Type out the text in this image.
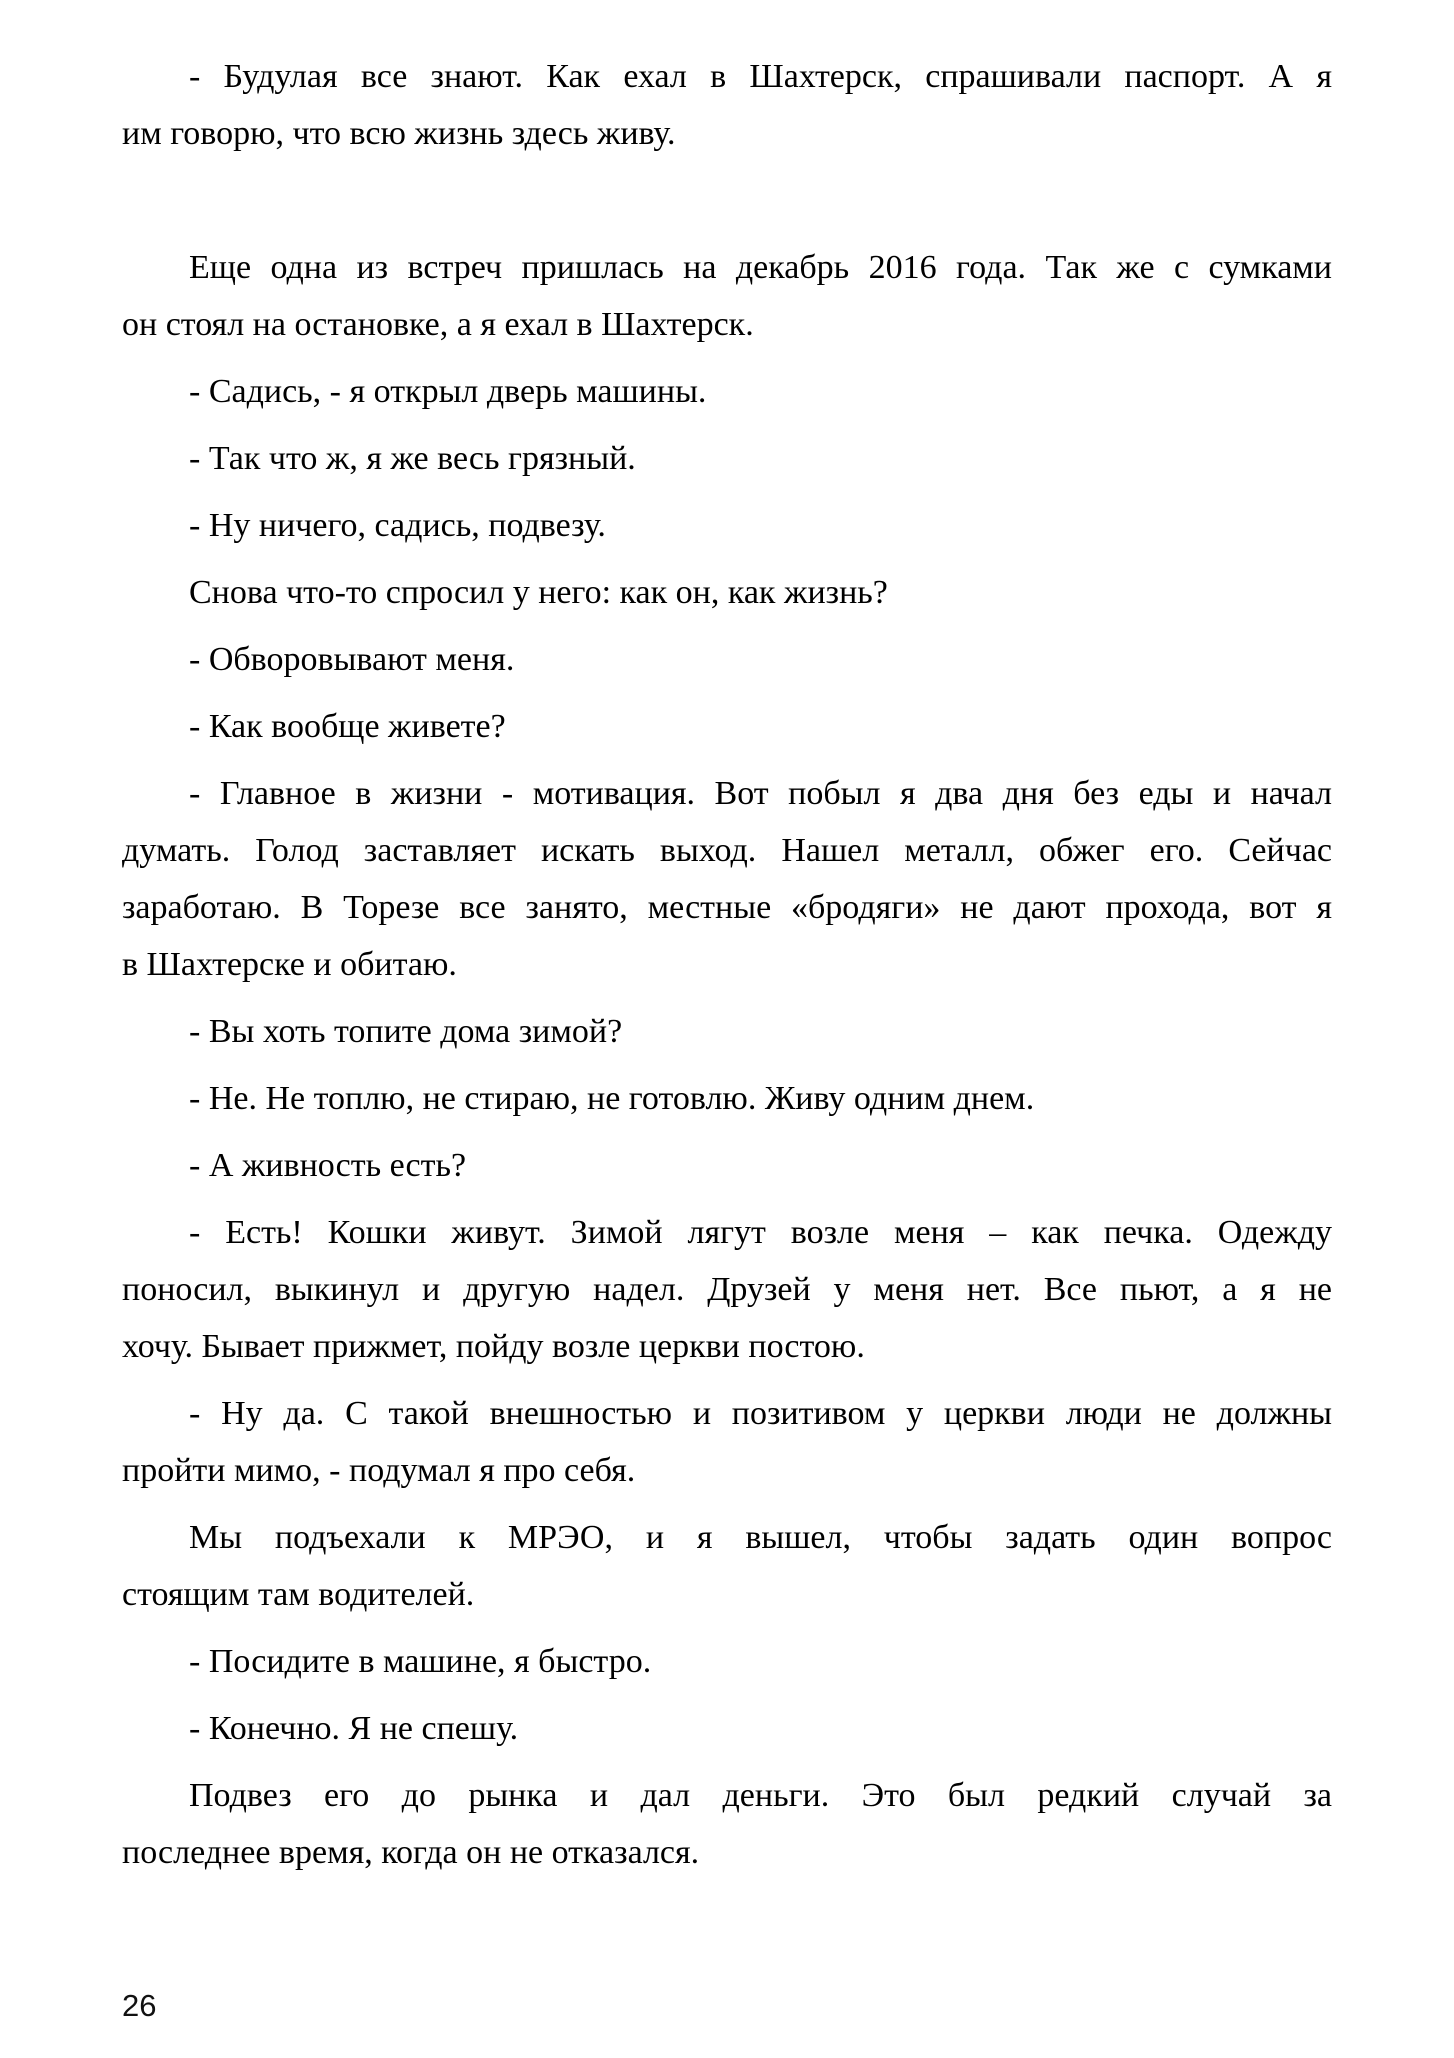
- Будулая все знают. Как ехал в Шахтерск, спрашивали паспорт. А я
им говорю, что всю жизнь здесь живу.
Еще одна из встреч пришлась на декабрь 2016 года. Так же с сумками
он стоял на остановке, а я ехал в Шахтерск.
- Садись, - я открыл дверь машины.
- Так что ж, я же весь грязный.
- Ну ничего, садись, подвезу.
Снова что-то спросил у него: как он, как жизнь?
- Обворовывают меня.
- Как вообще живете?
- Главное в жизни - мотивация. Вот побыл я два дня без еды и начал
думать. Голод заставляет искать выход. Нашел металл, обжег его. Сейчас
заработаю. В Торезе все занято, местные «бродяги» не дают прохода, вот я
в Шахтерске и обитаю.
- Вы хоть топите дома зимой?
- Не. Не топлю, не стираю, не готовлю. Живу одним днем.
- А живность есть?
- Есть! Кошки живут. Зимой лягут возле меня – как печка. Одежду
поносил, выкинул и другую надел. Друзей у меня нет. Все пьют, а я не
хочу. Бывает прижмет, пойду возле церкви постою.
- Ну да. С такой внешностью и позитивом у церкви люди не должны
пройти мимо, - подумал я про себя.
Мы подъехали к МРЭО, и я вышел, чтобы задать один вопрос
стоящим там водителей.
- Посидите в машине, я быстро.
- Конечно. Я не спешу.
Подвез его до рынка и дал деньги. Это был редкий случай за
последнее время, когда он не отказался.
26
